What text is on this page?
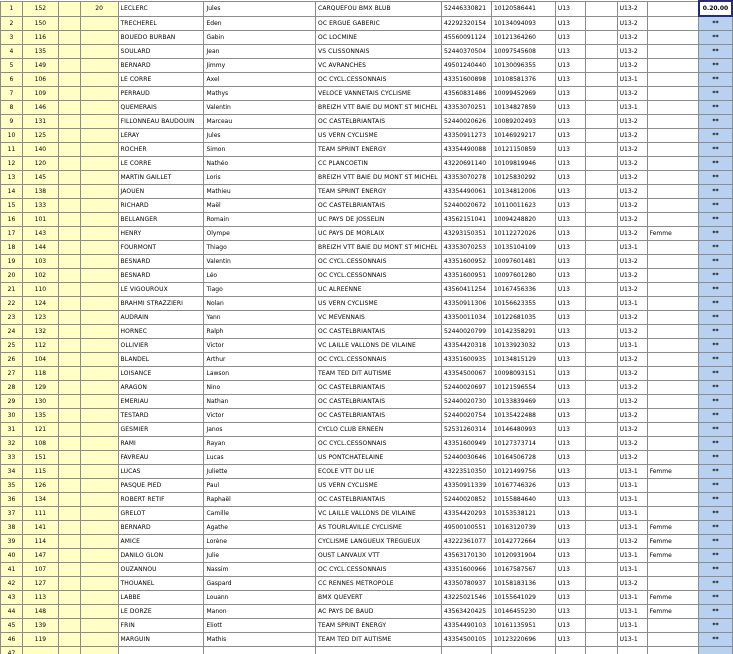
1	152		20	LECLERC	Jules	CARQUEFOU BMX BLUB	52446330821	10120586441	U13		U13-2		0.20.00
2	150			TRECHEREL	Eden	OC ERGUE GABERIC	42292320154	10134094093	U13		U13-2		**
3	116			BOUEDO BURBAN	Gabin	OC LOCMINE	45560091124	10121364260	U13		U13-2		**
4	135			SOULARD	Jean	VS CLISSONNAIS	52440370504	10097545608	U13		U13-2		**
5	149			BERNARD	Jimmy	VC AVRANCHES	49501240440	10130096355	U13		U13-2		**
6	106			LE CORRE	Axel	OC CYCL.CESSONNAIS	43351600898	10108581376	U13		U13-1		**
7	109			PERRAUD	Mathys	VELOCE VANNETAIS CYCLISME	43560831486	10099452969	U13		U13-2		**
8	146			QUEMERAIS	Valentin	BREIZH VTT BAIE DU MONT ST MICHEL	43353070251	10134827859	U13		U13-1		**
9	131			FILLONNEAU BAUDOUIN	Marceau	OC CASTELBRIANTAIS	52440020626	10089202493	U13		U13-2		**
10	125			LERAY	Jules	US VERN CYCLISME	43350911273	10146929217	U13		U13-2		**
11	140			ROCHER	Simon	TEAM SPRINT ENERGY	43354490088	10121150859	U13		U13-2		**
12	120			LE CORRE	Nathéo	CC PLANCOETIN	43220691140	10109819946	U13		U13-2		**
13	145			MARTIN GAILLET	Loris	BREIZH VTT BAIE DU MONT ST MICHEL	43353070278	10125830292	U13		U13-2		**
14	138			JAOUEN	Mathieu	TEAM SPRINT ENERGY	43354490061	10134812006	U13		U13-2		**
15	133			RICHARD	Maël	OC CASTELBRIANTAIS	52440020672	10110011623	U13		U13-2		**
16	101			BELLANGER	Romain	UC PAYS DE JOSSELIN	43562151041	10094248820	U13		U13-2		**
17	143			HENRY	Olympe	UC PAYS DE MORLAIX	43293150351	10112272026	U13		U13-2	Femme	**
18	144			FOURMONT	Thiago	BREIZH VTT BAIE DU MONT ST MICHEL	43353070253	10135104109	U13		U13-1		**
19	103			BESNARD	Valentin	OC CYCL.CESSONNAIS	43351600952	10097601481	U13		U13-2		**
20	102			BESNARD	Léo	OC CYCL.CESSONNAIS	43351600951	10097601280	U13		U13-2		**
21	110			LE VIGOUROUX	Tiago	UC ALREENNE	43560411254	10167456336	U13		U13-2		**
22	124			BRAHMI STRAZZIERI	Nolan	US VERN CYCLISME	43350911306	10156623355	U13		U13-1		**
23	123			AUDRAIN	Yann	VC MEVENNAIS	43350011034	10122681035	U13		U13-2		**
24	132			HORNEC	Ralph	OC CASTELBRIANTAIS	52440020799	10142358291	U13		U13-2		**
25	112			OLLIVIER	Victor	VC LAILLE VALLONS DE VILAINE	43354420318	10133923032	U13		U13-1		**
26	104			BLANDEL	Arthur	OC CYCL.CESSONNAIS	43351600935	10134815129	U13		U13-2		**
27	118			LOISANCE	Lawson	TEAM TED DIT AUTISME	43354500067	10098093151	U13		U13-2		**
28	129			ARAGON	Nino	OC CASTELBRIANTAIS	52440020697	10121596554	U13		U13-2		**
29	130			EMERIAU	Nathan	OC CASTELBRIANTAIS	52440020730	10133839469	U13		U13-2		**
30	135			TESTARD	Victor	OC CASTELBRIANTAIS	52440020754	10135422488	U13		U13-2		**
31	121			GESMIER	Janos	CYCLO CLUB ERNEEN	52531260314	10146480993	U13		U13-2		**
32	108			RAMI	Rayan	OC CYCL.CESSONNAIS	43351600949	10127373714	U13		U13-2		**
33	151			FAVREAU	Lucas	US PONTCHATELAINE	52440030646	10164506728	U13		U13-2		**
34	115			LUCAS	Juliette	ECOLE VTT DU LIE	43223510350	10121499756	U13		U13-1	Femme	**
35	126			PASQUE PIED	Paul	US VERN CYCLISME	43350911339	10167746326	U13		U13-1		**
36	134			ROBERT RETIF	Raphaël	OC CASTELBRIANTAIS	52440020852	10155884640	U13		U13-1		**
37	111			GRELOT	Camille	VC LAILLE VALLONS DE VILAINE	43354420293	10153538121	U13		U13-1		**
38	141			BERNARD	Agathe	AS TOURLAVILLE CYCLISME	49500100551	10163120739	U13		U13-1	Femme	**
39	114			AMICE	Lorène	CYCLISME LANGUEUX TREGUEUX	43222361077	10142772664	U13		U13-2	Femme	**
40	147			DANILO GLON	Julie	OUST LANVAUX VTT	43563170130	10120931904	U13		U13-1	Femme	**
41	107			OUZANNOU	Nassim	OC CYCL.CESSONNAIS	43351600966	10167587567	U13		U13-1		**
42	127			THOUANEL	Gaspard	CC RENNES METROPOLE	43350780937	10158183136	U13		U13-2		**
43	113			LABBE	Louann	BMX QUEVERT	43225021546	10155641029	U13		U13-1	Femme	**
44	148			LE DORZE	Manon	AC PAYS DE BAUD	43563420425	10146455230	U13		U13-1	Femme	**
45	139			FRIN	Eliott	TEAM SPRINT ENERGY	43354490103	10161135951	U13		U13-1		**
46	119			MARGUIN	Mathis	TEAM TED DIT AUTISME	43354500105	10123220696	U13		U13-1		**
47													
